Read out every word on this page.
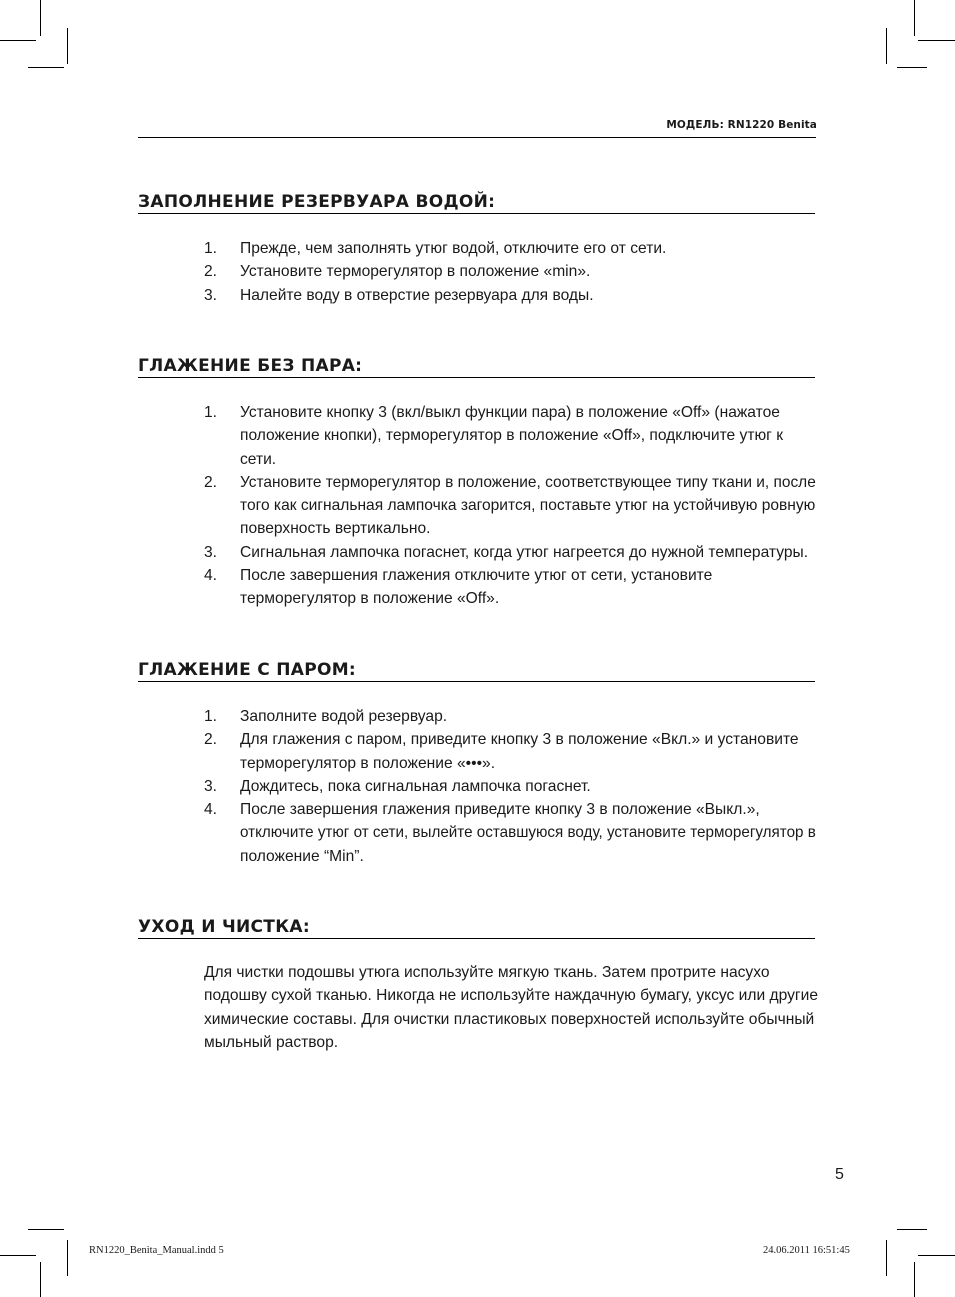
МОДЕЛЬ: RN1220 Benita
ЗАПОЛНЕНИЕ РЕЗЕРВУАРА ВОДОЙ:
1. Прежде, чем заполнять утюг водой, отключите его от сети.
2. Установите терморегулятор в положение «min».
3. Налейте воду в отверстие резервуара для воды.
ГЛАЖЕНИЕ БЕЗ ПАРА:
1. Установите кнопку 3 (вкл/выкл функции пара) в положение «Off» (нажатое
положение кнопки), терморегулятор в положение «Off», подключите утюг к
сети.
2. Установите терморегулятор в положение, соответствующее типу ткани и, после
того как сигнальная лампочка загорится, поставьте утюг на устойчивую ровную
поверхность вертикально.
3. Сигнальная лампочка погаснет, когда утюг нагреется до нужной температуры.
4. После завершения глажения отключите утюг от сети, установите
терморегулятор в положение «Off».
ГЛАЖЕНИЕ С ПАРОМ:
1. Заполните водой резервуар.
2. Для глажения с паром, приведите кнопку 3 в положение «Вкл.» и установите
терморегулятор в положение «•••».
3. Дождитесь, пока сигнальная лампочка погаснет.
4. После завершения глажения приведите кнопку 3 в положение «Выкл.»,
отключите утюг от сети, вылейте оставшуюся воду, установите терморегулятор в
положение “Min”.
УХОД И ЧИСТКА:
Для чистки подошвы утюга используйте мягкую ткань. Затем протрите насухо
подошву сухой тканью. Никогда не используйте наждачную бумагу, уксус или другие
химические составы. Для очистки пластиковых поверхностей используйте обычный
мыльный раствор.
5
RN1220_Benita_Manual.indd 5	24.06.2011 16:51:45
